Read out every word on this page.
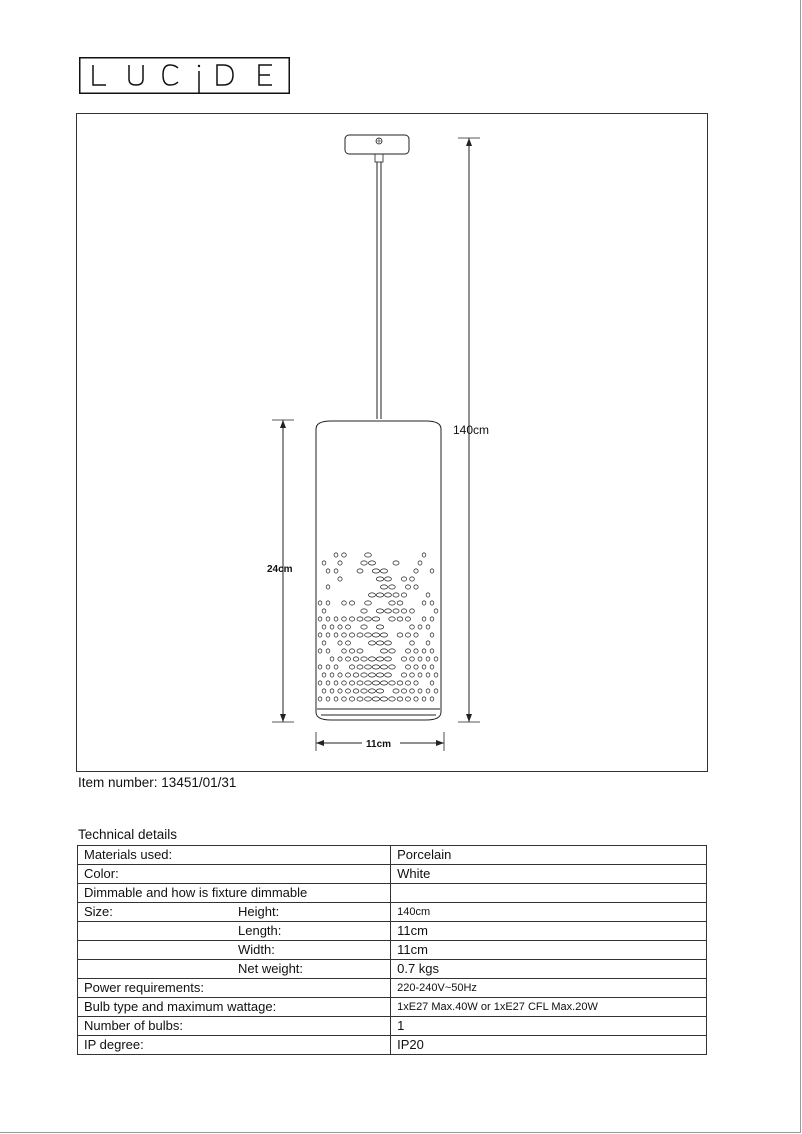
140cm
24cm
11cm
Item number: 13451/01/31
Technical details
Materials used:	Porcelain
Color:	White
Dimmable and how is fixture dimmable	
Size: Height:	140cm
Length:	11cm
Width:	11cm
Net weight:	0.7 kgs
Power requirements:	220-240V~50Hz
Bulb type and maximum wattage:	1xE27 Max.40W or 1xE27 CFL Max.20W
Number of bulbs:	1
IP degree:	IP20
